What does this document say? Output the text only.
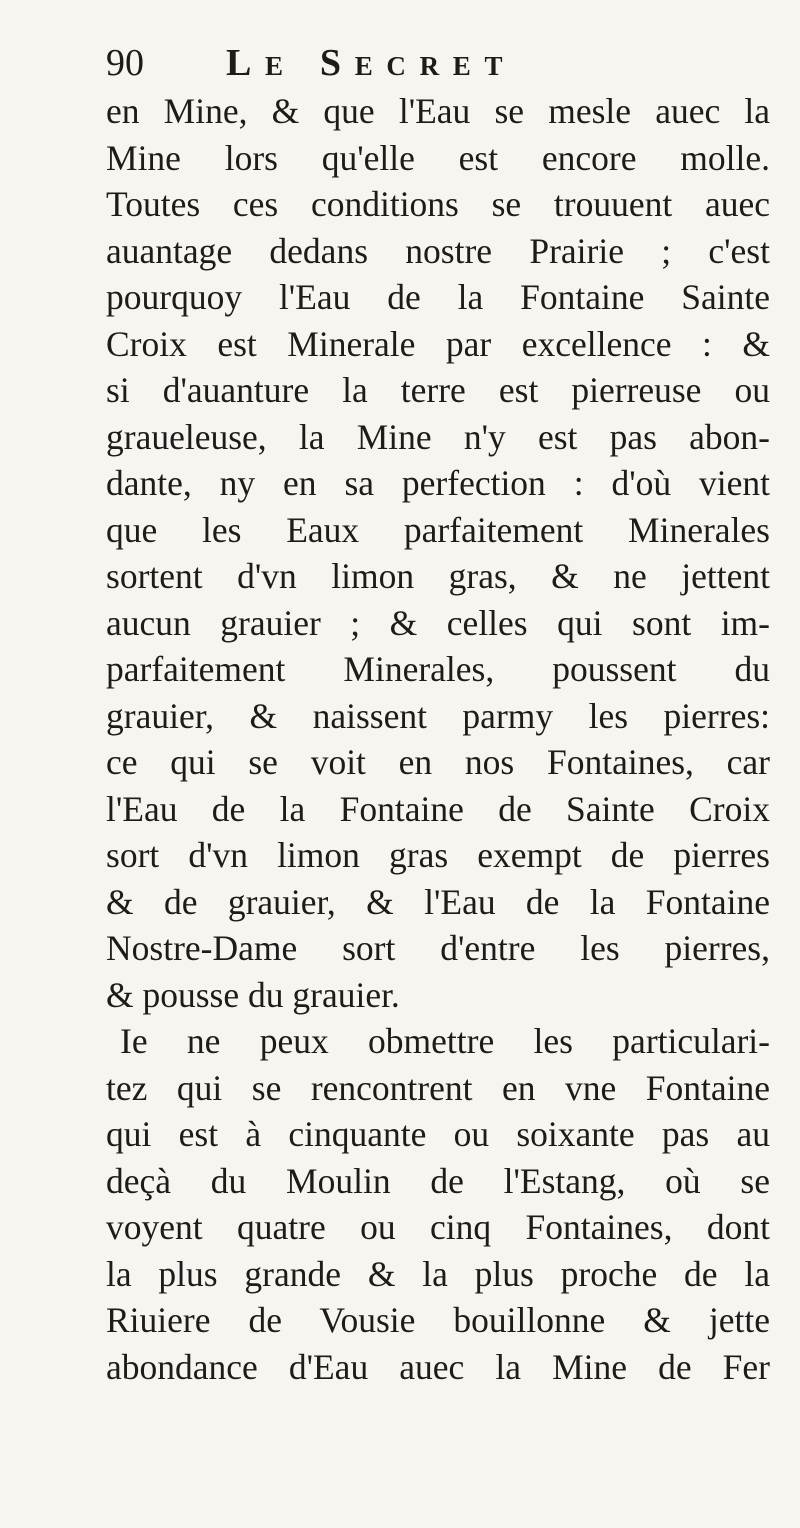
90	Le Secret
en Mine, & que l'Eau se mesle auec la
Mine lors qu'elle est encore molle.
Toutes ces conditions se trouuent auec
auantage dedans nostre Prairie ; c'est
pourquoy l'Eau de la Fontaine Sainte
Croix est Minerale par excellence : &
si d'auanture la terre est pierreuse ou
graueleuse, la Mine n'y est pas abon-
dante, ny en sa perfection : d'où vient
que les Eaux parfaitement Minerales
sortent d'vn limon gras, & ne jettent
aucun grauier ; & celles qui sont im-
parfaitement Minerales, poussent du
grauier, & naissent parmy les pierres:
ce qui se voit en nos Fontaines, car
l'Eau de la Fontaine de Sainte Croix
sort d'vn limon gras exempt de pierres
& de grauier, & l'Eau de la Fontaine
Nostre-Dame sort d'entre les pierres,
& pousse du grauier.
Ie ne peux obmettre les particulari-
tez qui se rencontrent en vne Fontaine
qui est à cinquante ou soixante pas au
deçà du Moulin de l'Estang, où se
voyent quatre ou cinq Fontaines, dont
la plus grande & la plus proche de la
Riuiere de Vousie bouillonne & jette
abondance d'Eau auec la Mine de Fer
